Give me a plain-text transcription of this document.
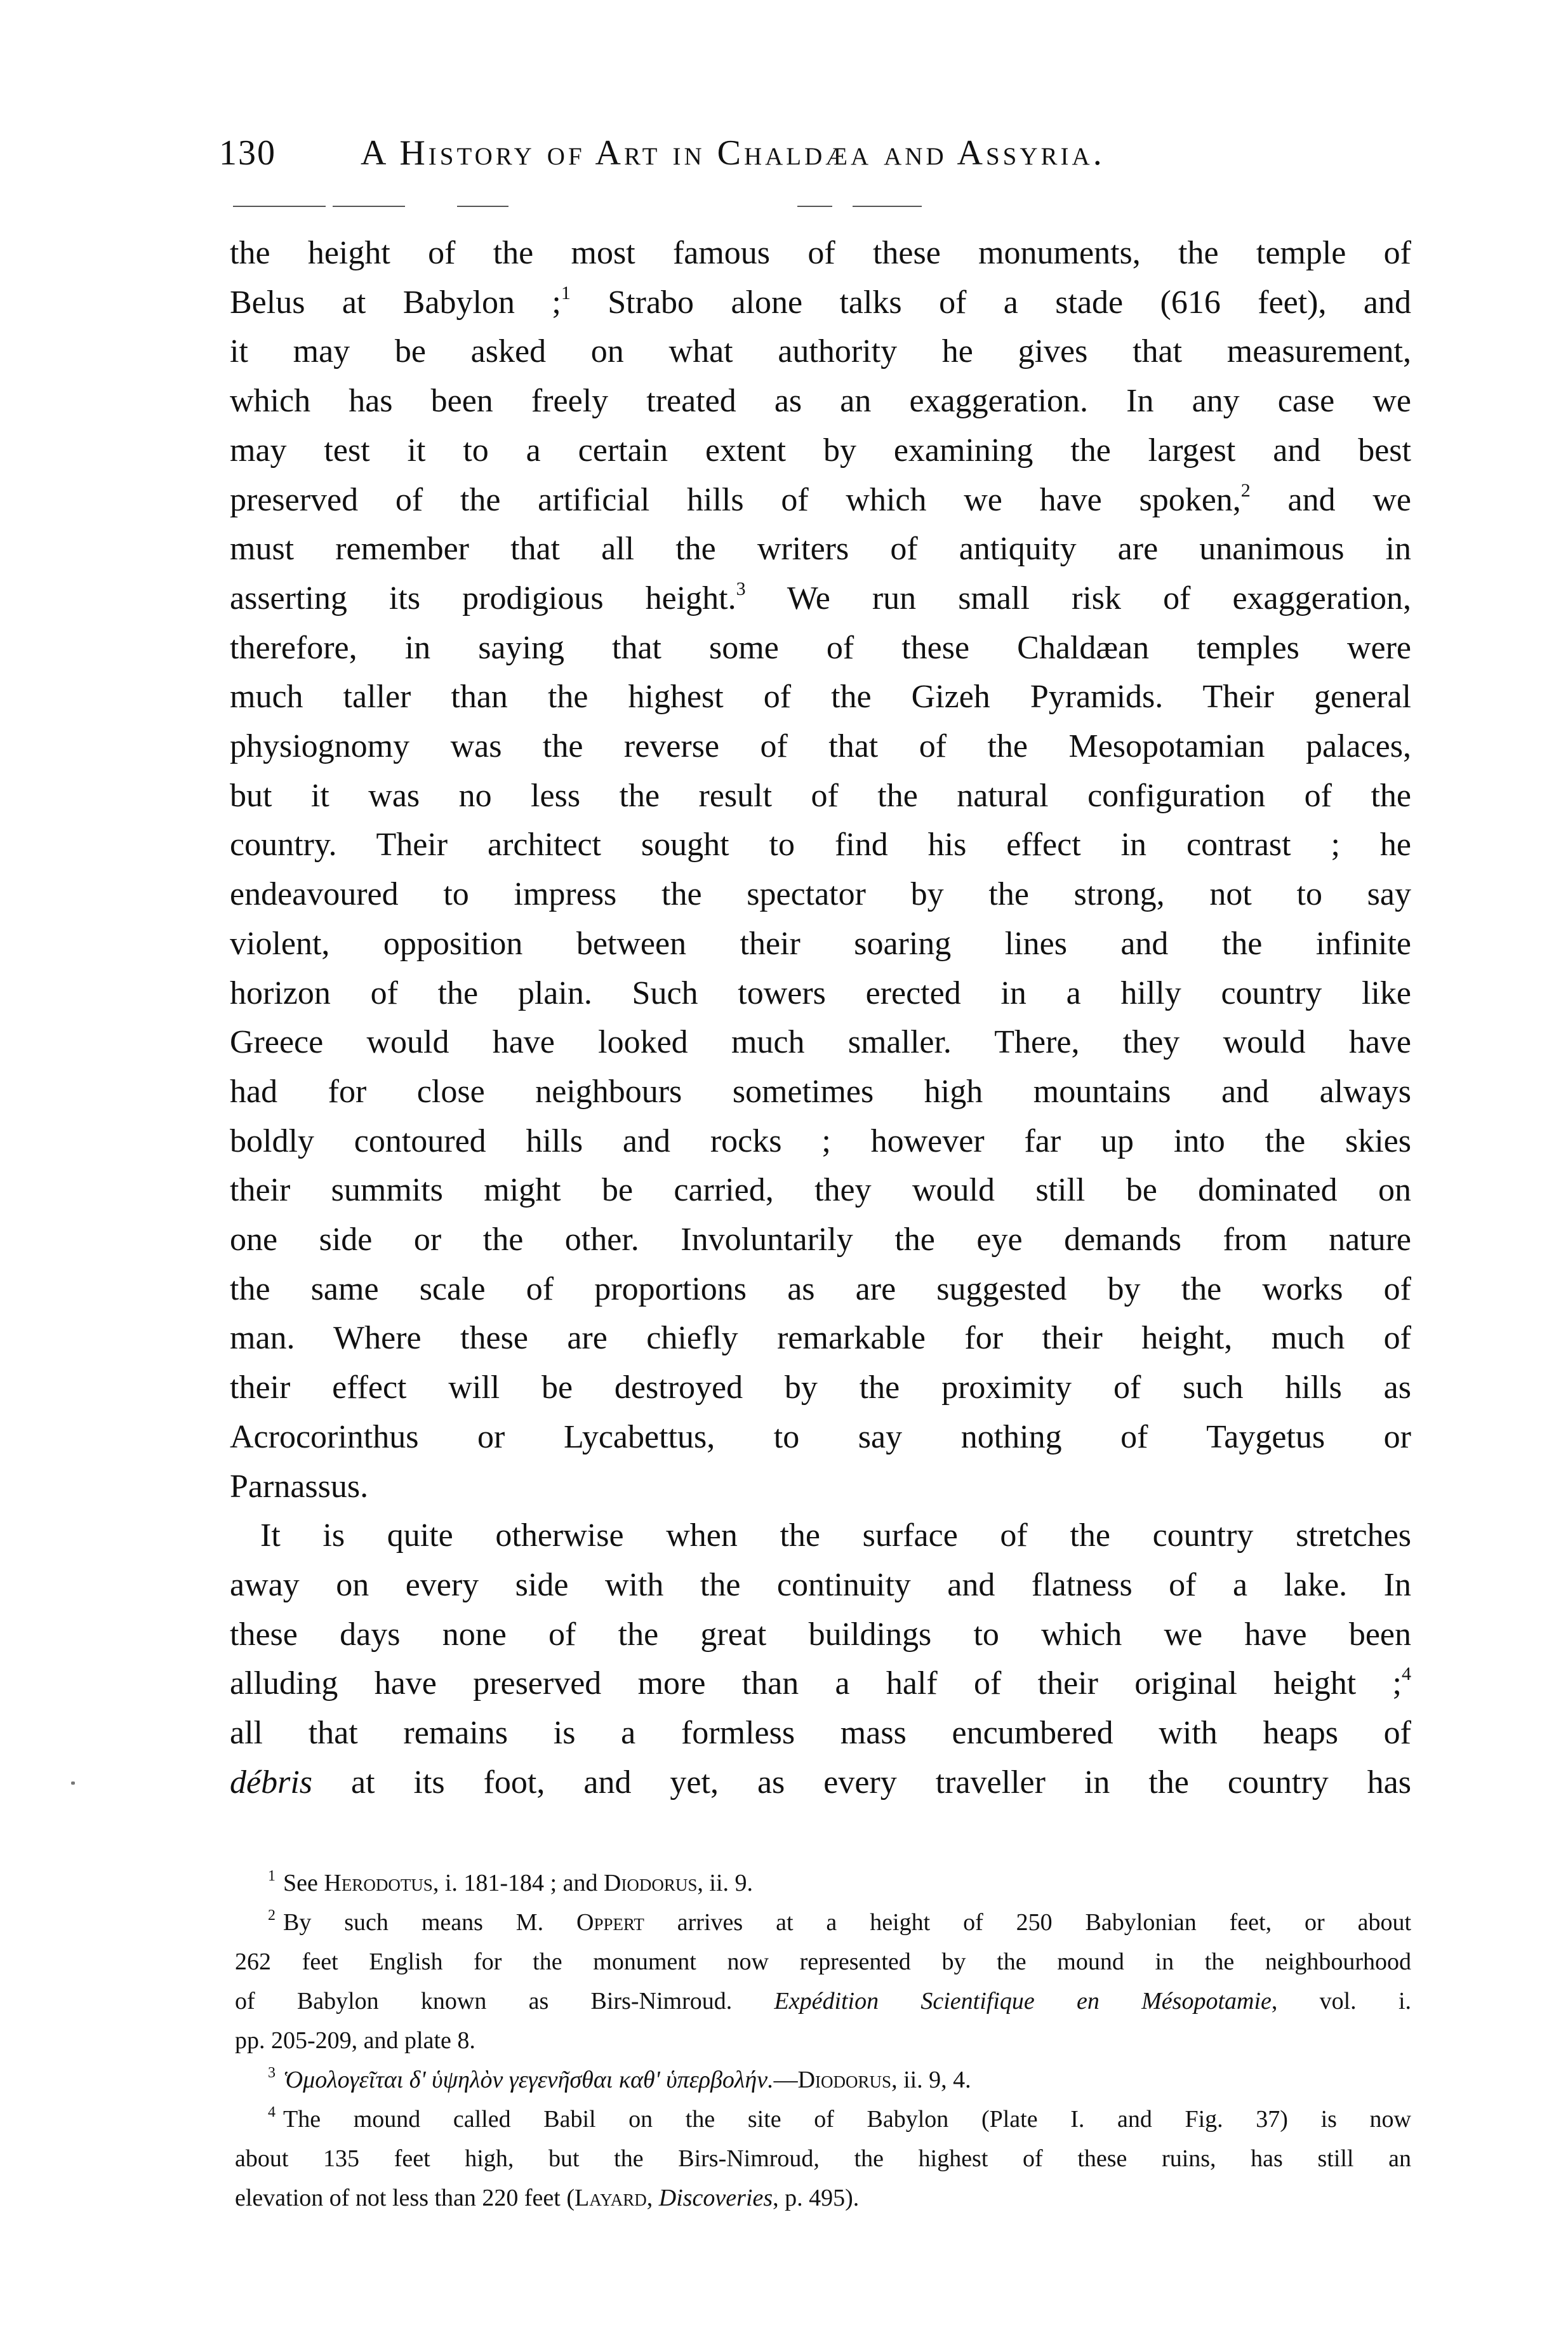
130 A History of Art in Chaldæa and Assyria.
the height of the most famous of these monuments, the temple of
Belus at Babylon ;$^1$ Strabo alone talks of a stade (616 feet), and
it may be asked on what authority he gives that measurement,
which has been freely treated as an exaggeration. In any case we
may test it to a certain extent by examining the largest and best
preserved of the artificial hills of which we have spoken,$^2$ and we
must remember that all the writers of antiquity are unanimous in
asserting its prodigious height.$^3$ We run small risk of exaggeration,
therefore, in saying that some of these Chaldæan temples were
much taller than the highest of the Gizeh Pyramids. Their general
physiognomy was the reverse of that of the Mesopotamian palaces,
but it was no less the result of the natural configuration of the
country. Their architect sought to find his effect in contrast ; he
endeavoured to impress the spectator by the strong, not to say
violent, opposition between their soaring lines and the infinite
horizon of the plain. Such towers erected in a hilly country like
Greece would have looked much smaller. There, they would have
had for close neighbours sometimes high mountains and always
boldly contoured hills and rocks ; however far up into the skies
their summits might be carried, they would still be dominated on
one side or the other. Involuntarily the eye demands from nature
the same scale of proportions as are suggested by the works of
man. Where these are chiefly remarkable for their height, much of
their effect will be destroyed by the proximity of such hills as
Acrocorinthus or Lycabettus, to say nothing of Taygetus or
Parnassus.
It is quite otherwise when the surface of the country stretches
away on every side with the continuity and flatness of a lake. In
these days none of the great buildings to which we have been
alluding have preserved more than a half of their original height ;$^4$
all that remains is a formless mass encumbered with heaps of
débris at its foot, and yet, as every traveller in the country has
$^1$ See Herodotus, i. 181-184 ; and Diodorus, ii. 9.
$^2$ By such means M. Oppert arrives at a height of 250 Babylonian feet, or about
262 feet English for the monument now represented by the mound in the neighbourhood
of Babylon known as Birs-Nimroud. Expédition Scientifique en Mésopotamie, vol. i.
pp. 205-209, and plate 8.
$^3$ Ὁμολογεῖται δ' ὑψηλὸν γεγενῆσθαι καθ' ὑπερβολήν.—Diodorus, ii. 9, 4.
$^4$ The mound called Babil on the site of Babylon (Plate I. and Fig. 37) is now
about 135 feet high, but the Birs-Nimroud, the highest of these ruins, has still an
elevation of not less than 220 feet (Layard, Discoveries, p. 495).
